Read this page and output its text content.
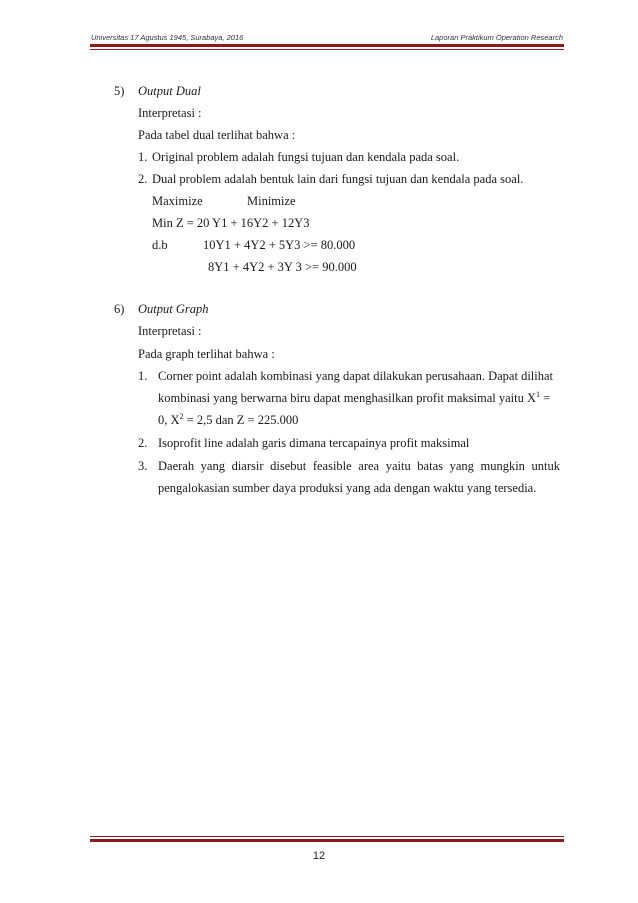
Universitas 17 Agustus 1945, Surabaya, 2016	Laporan Praktikum Operation Research
5) Output Dual
Interpretasi :
Pada tabel dual terlihat bahwa :
1. Original problem adalah fungsi tujuan dan kendala pada soal.
2. Dual problem adalah bentuk lain dari fungsi tujuan dan kendala pada soal.
Maximize	Minimize
Min Z = 20 Y1 + 16Y2 + 12Y3
d.b	10Y1 + 4Y2 + 5Y3 >= 80.000
8Y1 + 4Y2 + 3Y 3 >= 90.000
6) Output Graph
Interpretasi :
Pada graph terlihat bahwa :
1. Corner point adalah kombinasi yang dapat dilakukan perusahaan. Dapat dilihat
kombinasi yang berwarna biru dapat menghasilkan profit maksimal yaitu $X^1$ =
0, $X^2 = 2,5$ dan Z = 225.000
2. Isoprofit line adalah garis dimana tercapainya profit maksimal
3. Daerah yang diarsir disebut feasible area yaitu batas yang mungkin untuk
pengalokasian sumber daya produksi yang ada dengan waktu yang tersedia.
12
